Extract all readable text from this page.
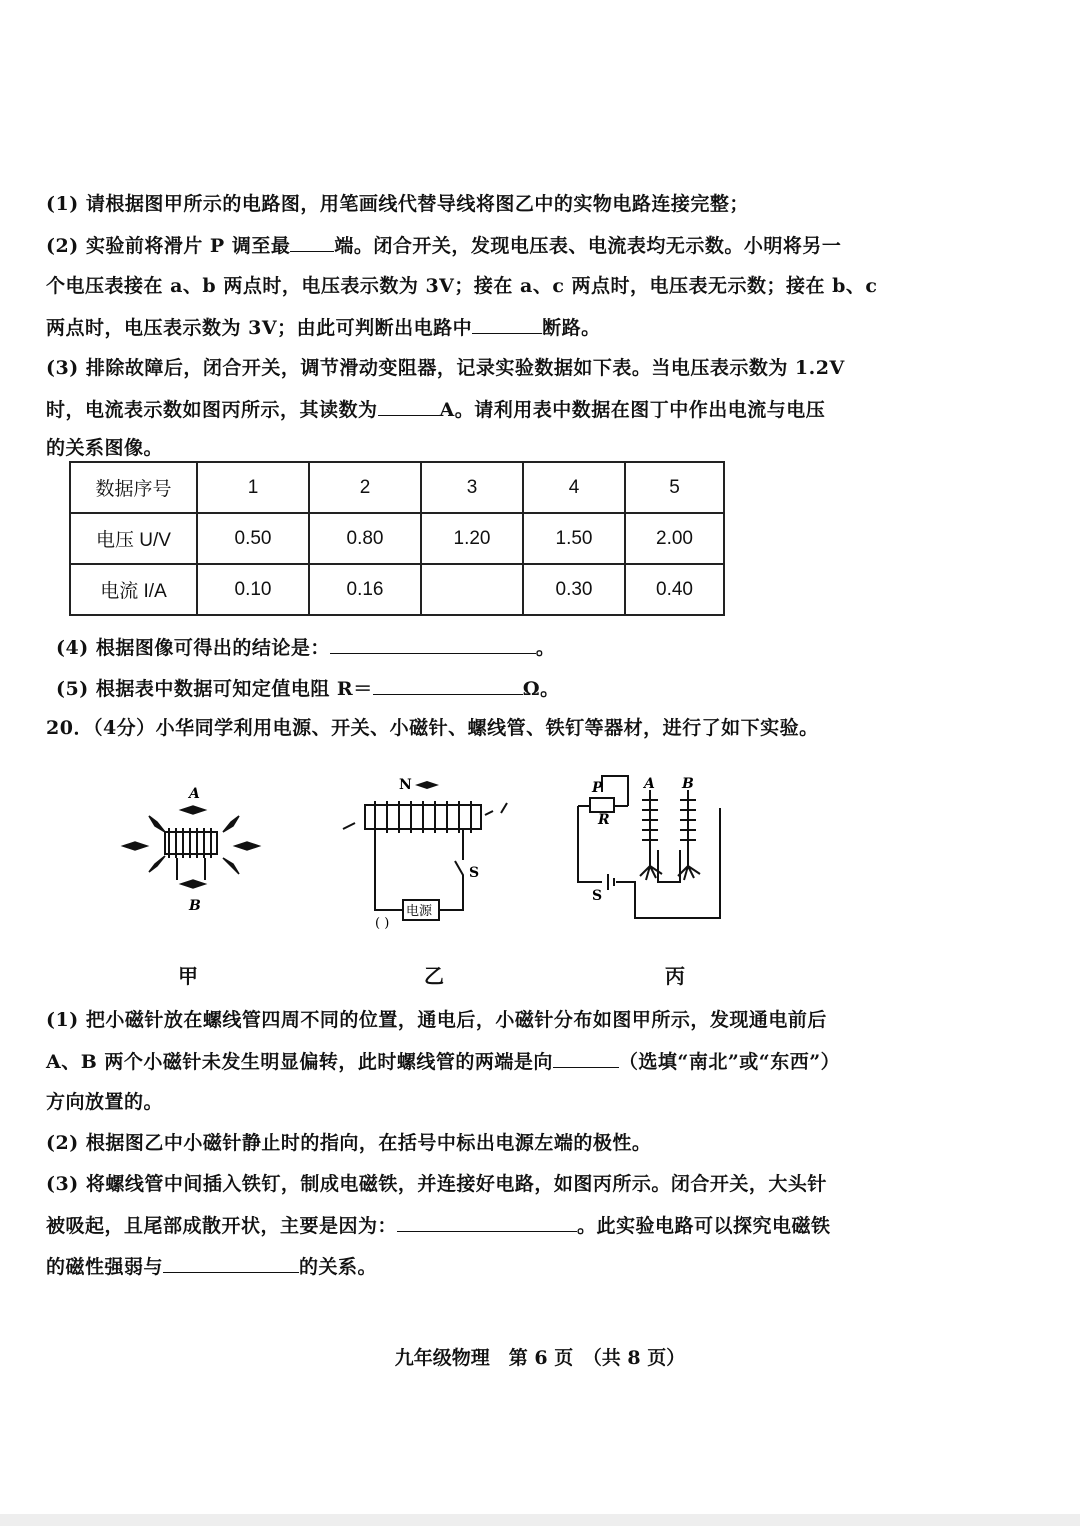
(1) 请根据图甲所示的电路图，用笔画线代替导线将图乙中的实物电路连接完整；
(2) 实验前将滑片 P 调至最 端。闭合开关，发现电压表、电流表均无示数。小明将另一
个电压表接在 a、b 两点时，电压表示数为 3V；接在 a、c 两点时，电压表无示数；接在 b、c
两点时，电压表示数为 3V；由此可判断出电路中	断路。
(3) 排除故障后，闭合开关，调节滑动变阻器，记录实验数据如下表。当电压表示数为 1.2V
时，电流表示数如图丙所示，其读数为	A。请利用表中数据在图丁中作出电流与电压
的关系图像。
数据序号	1	2	3	4	5
电压 U/V	0.50	0.80	1.20	1.50	2.00
电流 I/A	0.10	0.16		0.30	0.40
(4) 根据图像可得出的结论是：	。
(5) 根据表中数据可知定值电阻 R＝	Ω。
20．（4分）小华同学利用电源、开关、小磁针、螺线管、铁钉等器材，进行了如下实验。
A
B
N
S
电源
( )
P
R
A B
S
甲	乙	丙
(1) 把小磁针放在螺线管四周不同的位置，通电后，小磁针分布如图甲所示，发现通电前后
A、B 两个小磁针未发生明显偏转，此时螺线管的两端是向	（选填“南北”或“东西”）
方向放置的。
(2) 根据图乙中小磁针静止时的指向，在括号中标出电源左端的极性。
(3) 将螺线管中间插入铁钉，制成电磁铁，并连接好电路，如图丙所示。闭合开关，大头针
被吸起，且尾部成散开状，主要是因为：	。此实验电路可以探究电磁铁
的磁性强弱与	的关系。
九年级物理　第 6 页　（共 8 页）
